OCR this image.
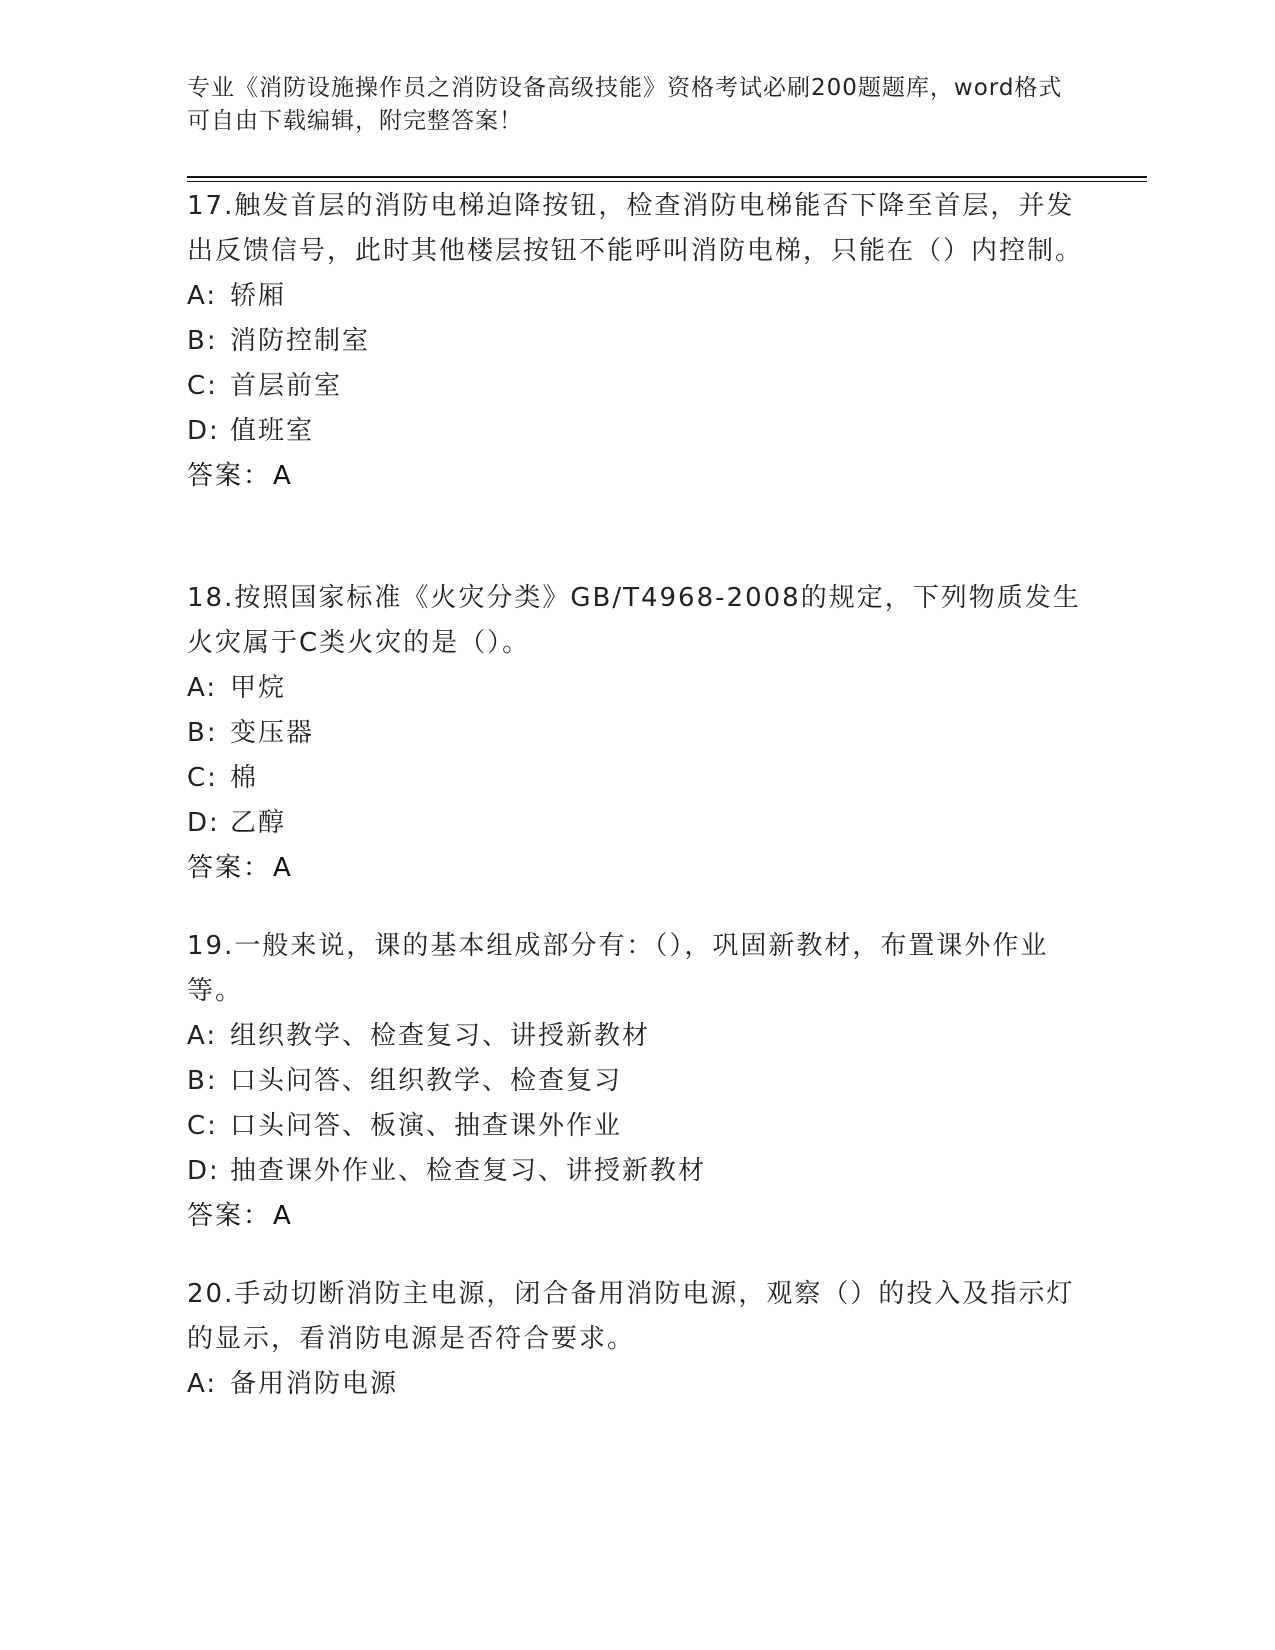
专业《消防设施操作员之消防设备高级技能》资格考试必刷200题题库，word格式可自由下载编辑，附完整答案！

17.触发首层的消防电梯迫降按钮，检查消防电梯能否下降至首层，并发出反馈信号，此时其他楼层按钮不能呼叫消防电梯，只能在（）内控制。

A: 轿厢

B: 消防控制室

C: 首层前室

D: 值班室

答案：A

18.按照国家标准《火灾分类》GB/T4968-2008的规定，下列物质发生火灾属于C类火灾的是（）。

A: 甲烷

B: 变压器

C: 棉

D: 乙醇

答案：A

19.一般来说，课的基本组成部分有：（），巩固新教材，布置课外作业等。

A: 组织教学、检查复习、讲授新教材

B: 口头问答、组织教学、检查复习

C: 口头问答、板演、抽查课外作业

D: 抽查课外作业、检查复习、讲授新教材

答案：A

20.手动切断消防主电源，闭合备用消防电源，观察（）的投入及指示灯的显示，看消防电源是否符合要求。

A: 备用消防电源
